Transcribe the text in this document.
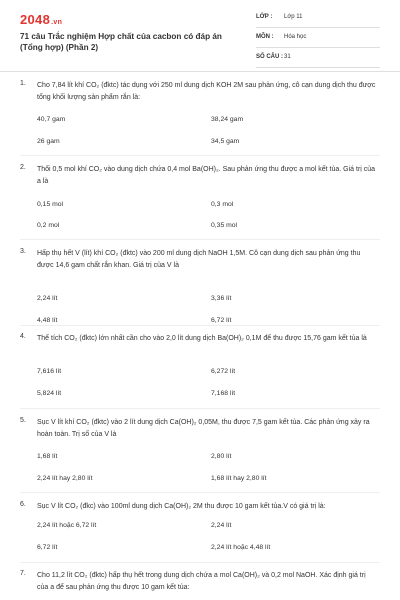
2048.vn
71 câu Trắc nghiệm Hợp chất của cacbon có đáp án (Tổng hợp) (Phần 2)
LỚP :	Lớp 11
MÔN :	Hóa học
SỐ CÂU : 31
1. Cho 7,84 lít khí CO₂ (đktc) tác dụng với 250 ml dung dịch KOH 2M sau phản ứng, cô cạn dung dịch thu được tổng khối lượng sản phẩm rắn là:
40,7 gam	38,24 gam
26 gam	34,5 gam
2. Thổi 0,5 mol khí CO₂ vào dung dịch chứa 0,4 mol Ba(OH)₂. Sau phản ứng thu được a mol kết tủa. Giá trị của a là
0,15 mol	0,3 mol
0,2 mol	0,35 mol
3. Hấp thụ hết V (lít) khí CO₂ (đktc) vào 200 ml dung dịch NaOH 1,5M. Cô cạn dung dịch sau phản ứng thu được 14,6 gam chất rắn khan. Giá trị của V là
2,24 lít	3,36 lít
4,48 lít	6,72 lít
4. Thể tích CO₂ (đktc) lớn nhất cần cho vào 2,0 lít dung dịch Ba(OH)₂ 0,1M để thu được 15,76 gam kết tủa là
7,616 lít	6,272 lít
5,824 lít	7,168 lít
5. Sục V lít khí CO₂ (đktc) vào 2 lít dung dịch Ca(OH)₂ 0,05M, thu được 7,5 gam kết tủa. Các phản ứng xảy ra hoàn toàn. Trị số của V là
1,68 lít	2,80 lít
2,24 lít hay 2,80 lít	1,68 lít hay 2,80 lít
6. Sục V lít CO₂ (đkc) vào 100ml dung dịch Ca(OH)₂ 2M thu được 10 gam kết tủa.V có giá trị là:
2,24 lít hoặc 6,72 lít	2,24 lít
6,72 lít	2,24 lít hoặc 4,48 lít
7. Cho 11,2 lít CO₂ (đktc) hấp thụ hết trong dung dịch chứa a mol Ca(OH)₂ và 0,2 mol NaOH. Xác định giá trị của a để sau phản ứng thu được 10 gam kết tủa:
